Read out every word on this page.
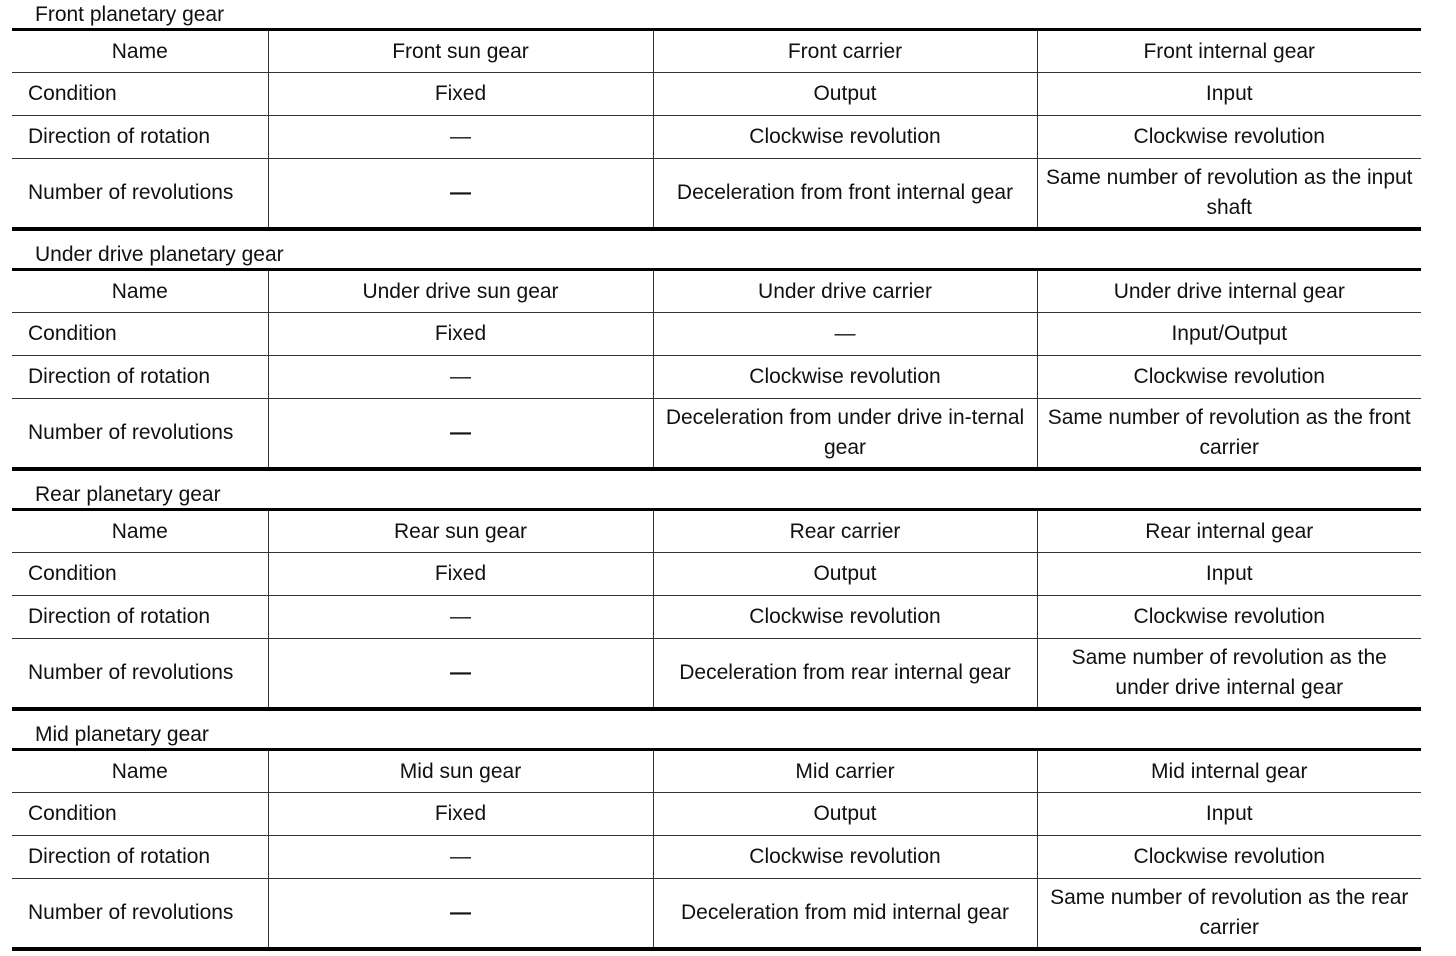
Front planetary gear
Name	Front sun gear	Front carrier	Front internal gear
Condition	Fixed	Output	Input
Direction of rotation	—	Clockwise revolution	Clockwise revolution
Number of revolutions	—	Deceleration from front internal gear	Same number of revolution as the input shaft
Under drive planetary gear
Name	Under drive sun gear	Under drive carrier	Under drive internal gear
Condition	Fixed	—	Input/Output
Direction of rotation	—	Clockwise revolution	Clockwise revolution
Number of revolutions	—	Deceleration from under drive in-ternal gear	Same number of revolution as the front carrier
Rear planetary gear
Name	Rear sun gear	Rear carrier	Rear internal gear
Condition	Fixed	Output	Input
Direction of rotation	—	Clockwise revolution	Clockwise revolution
Number of revolutions	—	Deceleration from rear internal gear	Same number of revolution as the under drive internal gear
Mid planetary gear
Name	Mid sun gear	Mid carrier	Mid internal gear
Condition	Fixed	Output	Input
Direction of rotation	—	Clockwise revolution	Clockwise revolution
Number of revolutions	—	Deceleration from mid internal gear	Same number of revolution as the rear carrier
